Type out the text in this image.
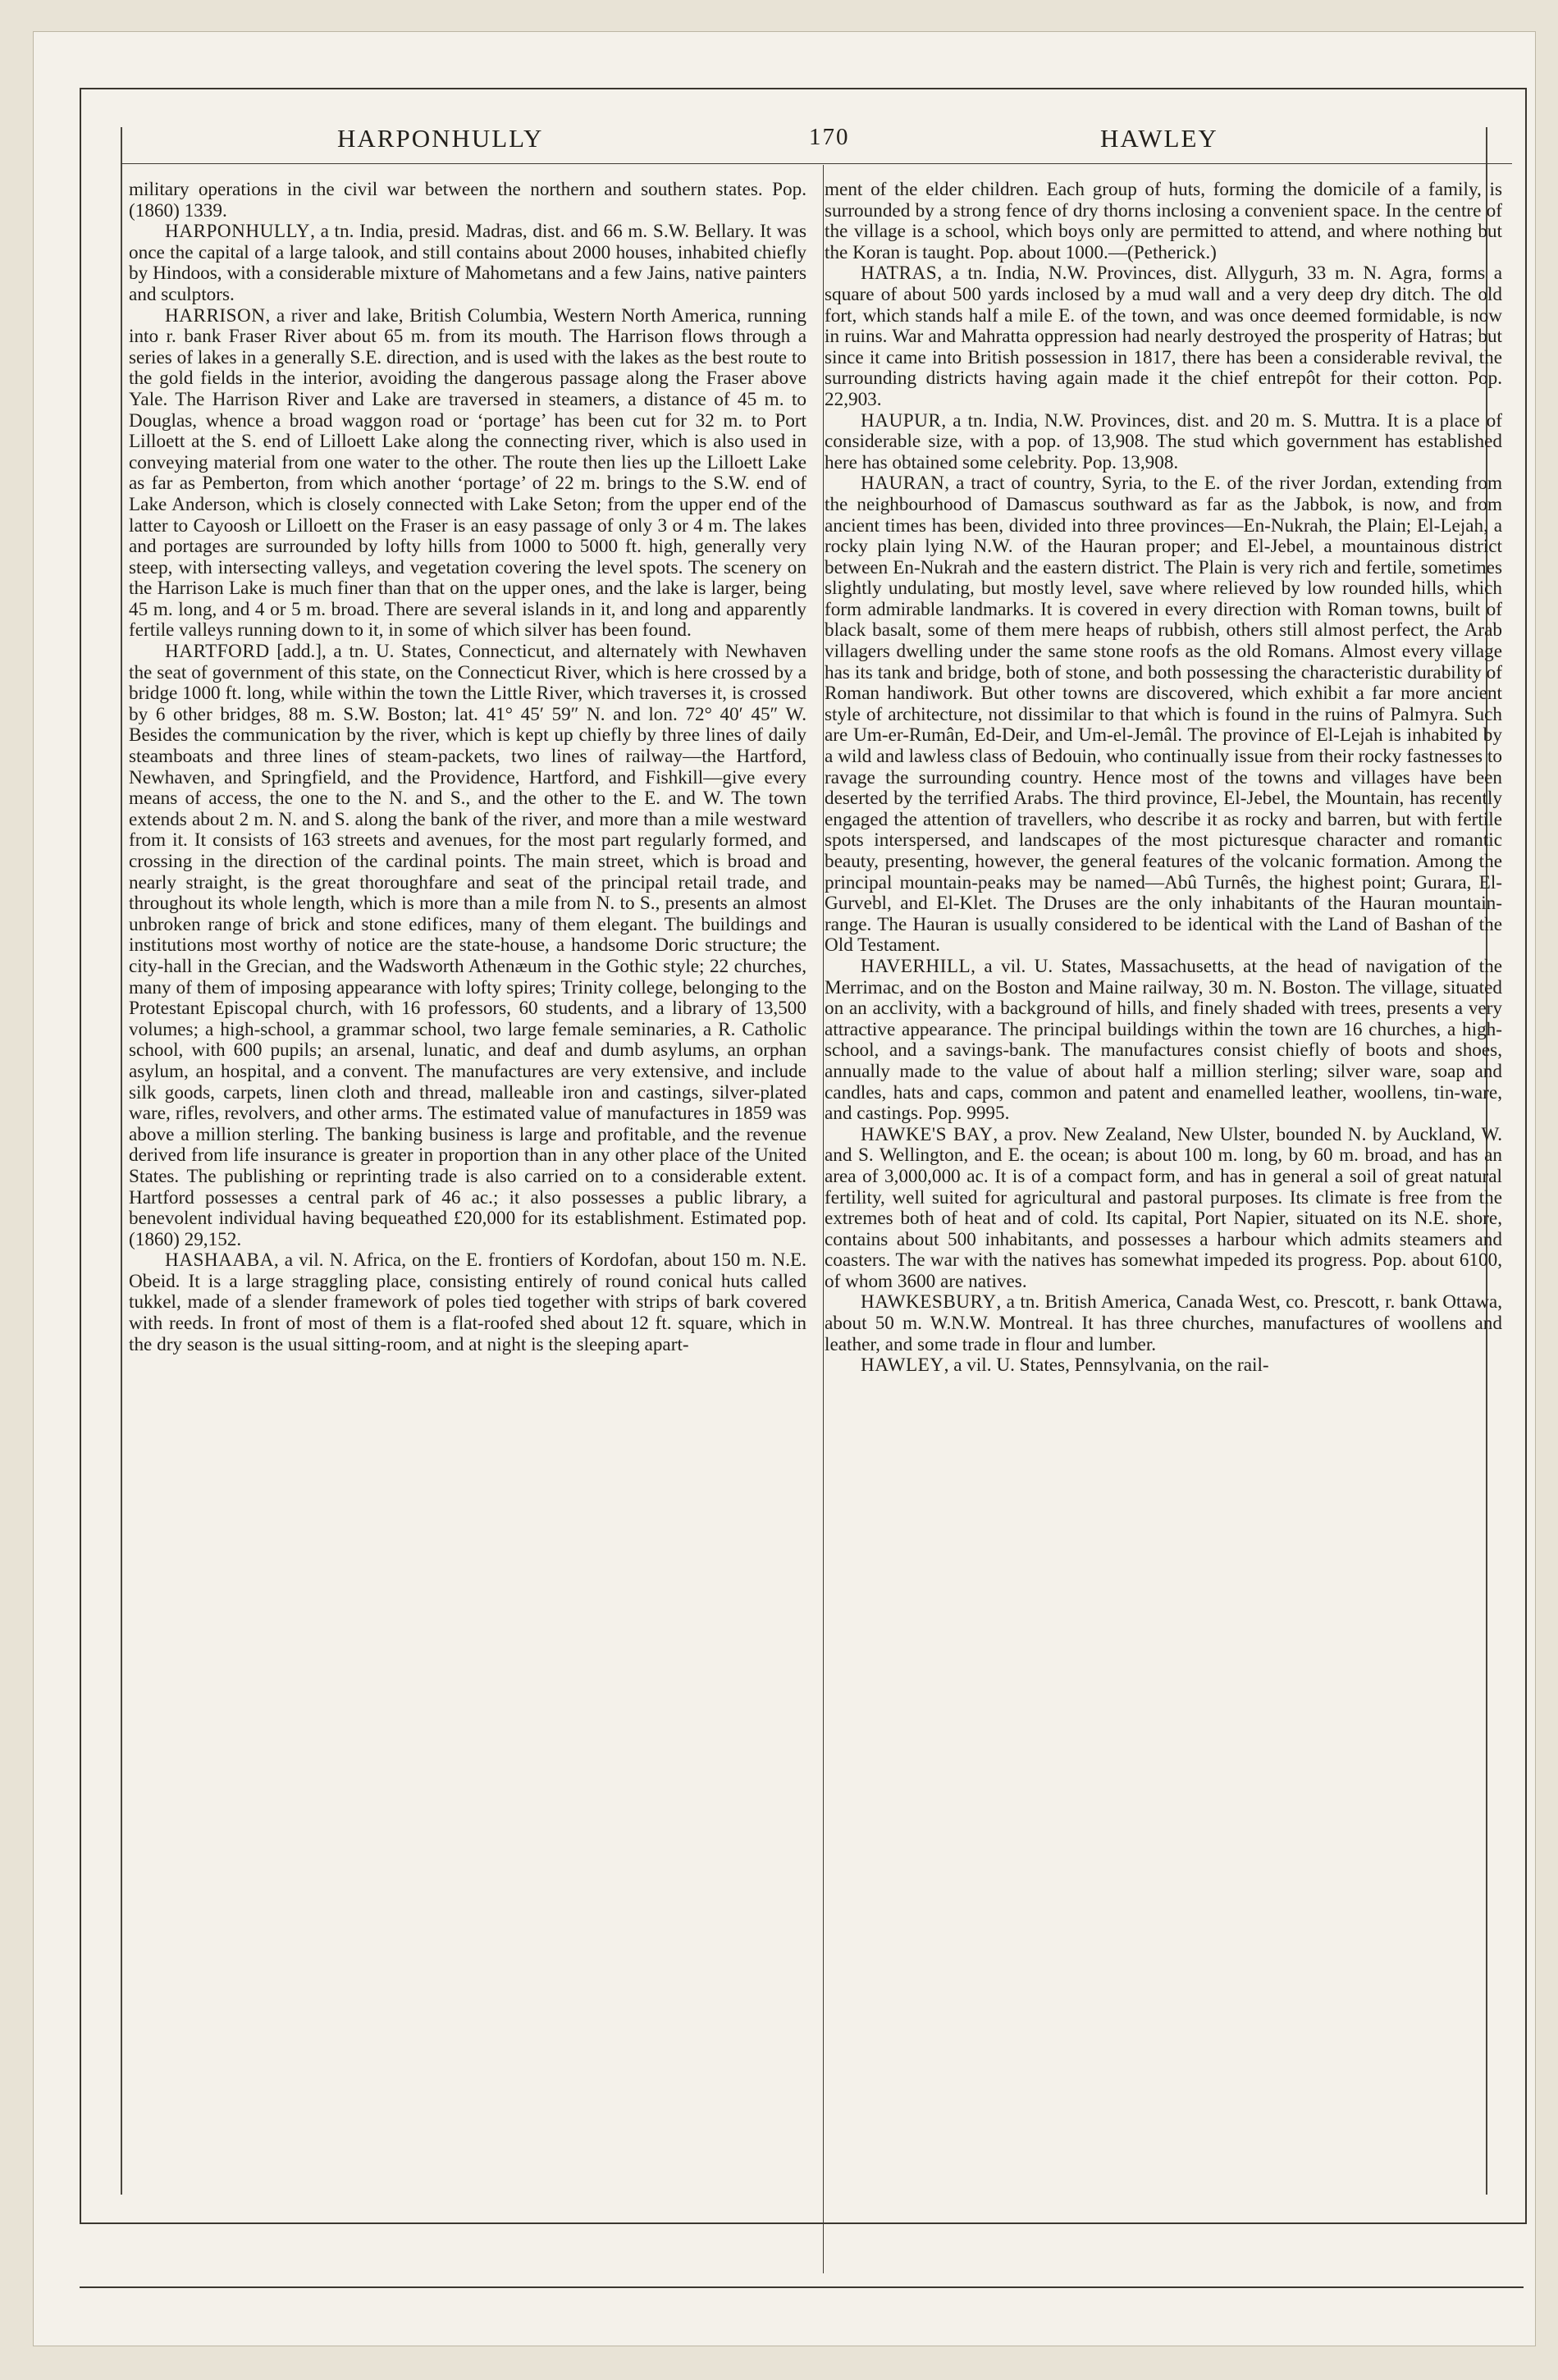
HARPONHULLY	170	HAWLEY

military operations in the civil war between the northern and southern states. Pop. (1860) 1339.

HARPONHULLY, a tn. India, presid. Madras, dist. and 66 m. S.W. Bellary. It was once the capital of a large talook, and still contains about 2000 houses, inhabited chiefly by Hindoos, with a considerable mixture of Mahometans and a few Jains, native painters and sculptors.

HARRISON, a river and lake, British Columbia, Western North America, running into r. bank Fraser River about 65 m. from its mouth. The Harrison flows through a series of lakes in a generally S.E. direction, and is used with the lakes as the best route to the gold fields in the interior, avoiding the dangerous passage along the Fraser above Yale. The Harrison River and Lake are traversed in steamers, a distance of 45 m. to Douglas, whence a broad waggon road or ‘portage’ has been cut for 32 m. to Port Lilloett at the S. end of Lilloett Lake along the connecting river, which is also used in conveying material from one water to the other. The route then lies up the Lilloett Lake as far as Pemberton, from which another ‘portage’ of 22 m. brings to the S.W. end of Lake Anderson, which is closely connected with Lake Seton; from the upper end of the latter to Cayoosh or Lilloett on the Fraser is an easy passage of only 3 or 4 m. The lakes and portages are surrounded by lofty hills from 1000 to 5000 ft. high, generally very steep, with intersecting valleys, and vegetation covering the level spots. The scenery on the Harrison Lake is much finer than that on the upper ones, and the lake is larger, being 45 m. long, and 4 or 5 m. broad. There are several islands in it, and long and apparently fertile valleys running down to it, in some of which silver has been found.

HARTFORD [add.], a tn. U. States, Connecticut, and alternately with Newhaven the seat of government of this state, on the Connecticut River, which is here crossed by a bridge 1000 ft. long, while within the town the Little River, which traverses it, is crossed by 6 other bridges, 88 m. S.W. Boston; lat. 41° 45′ 59″ N. and lon. 72° 40′ 45″ W. Besides the communication by the river, which is kept up chiefly by three lines of daily steamboats and three lines of steam-packets, two lines of railway—the Hartford, Newhaven, and Springfield, and the Providence, Hartford, and Fishkill—give every means of access, the one to the N. and S., and the other to the E. and W. The town extends about 2 m. N. and S. along the bank of the river, and more than a mile westward from it. It consists of 163 streets and avenues, for the most part regularly formed, and crossing in the direction of the cardinal points. The main street, which is broad and nearly straight, is the great thoroughfare and seat of the principal retail trade, and throughout its whole length, which is more than a mile from N. to S., presents an almost unbroken range of brick and stone edifices, many of them elegant. The buildings and institutions most worthy of notice are the state-house, a handsome Doric structure; the city-hall in the Grecian, and the Wadsworth Athenæum in the Gothic style; 22 churches, many of them of imposing appearance with lofty spires; Trinity college, belonging to the Protestant Episcopal church, with 16 professors, 60 students, and a library of 13,500 volumes; a high-school, a grammar school, two large female seminaries, a R. Catholic school, with 600 pupils; an arsenal, lunatic, and deaf and dumb asylums, an orphan asylum, an hospital, and a convent. The manufactures are very extensive, and include silk goods, carpets, linen cloth and thread, malleable iron and castings, silver-plated ware, rifles, revolvers, and other arms. The estimated value of manufactures in 1859 was above a million sterling. The banking business is large and profitable, and the revenue derived from life insurance is greater in proportion than in any other place of the United States. The publishing or reprinting trade is also carried on to a considerable extent. Hartford possesses a central park of 46 ac.; it also possesses a public library, a benevolent individual having bequeathed £20,000 for its establishment. Estimated pop. (1860) 29,152.

HASHAABA, a vil. N. Africa, on the E. frontiers of Kordofan, about 150 m. N.E. Obeid. It is a large straggling place, consisting entirely of round conical huts called tukkel, made of a slender framework of poles tied together with strips of bark covered with reeds. In front of most of them is a flat-roofed shed about 12 ft. square, which in the dry season is the usual sitting-room, and at night is the sleeping apart-

ment of the elder children. Each group of huts, forming the domicile of a family, is surrounded by a strong fence of dry thorns inclosing a convenient space. In the centre of the village is a school, which boys only are permitted to attend, and where nothing but the Koran is taught. Pop. about 1000.—(Petherick.)

HATRAS, a tn. India, N.W. Provinces, dist. Allygurh, 33 m. N. Agra, forms a square of about 500 yards inclosed by a mud wall and a very deep dry ditch. The old fort, which stands half a mile E. of the town, and was once deemed formidable, is now in ruins. War and Mahratta oppression had nearly destroyed the prosperity of Hatras; but since it came into British possession in 1817, there has been a considerable revival, the surrounding districts having again made it the chief entrepôt for their cotton. Pop. 22,903.

HAUPUR, a tn. India, N.W. Provinces, dist. and 20 m. S. Muttra. It is a place of considerable size, with a pop. of 13,908. The stud which government has established here has obtained some celebrity. Pop. 13,908.

HAURAN, a tract of country, Syria, to the E. of the river Jordan, extending from the neighbourhood of Damascus southward as far as the Jabbok, is now, and from ancient times has been, divided into three provinces—En-Nukrah, the Plain; El-Lejah, a rocky plain lying N.W. of the Hauran proper; and El-Jebel, a mountainous district between En-Nukrah and the eastern district. The Plain is very rich and fertile, sometimes slightly undulating, but mostly level, save where relieved by low rounded hills, which form admirable landmarks. It is covered in every direction with Roman towns, built of black basalt, some of them mere heaps of rubbish, others still almost perfect, the Arab villagers dwelling under the same stone roofs as the old Romans. Almost every village has its tank and bridge, both of stone, and both possessing the characteristic durability of Roman handiwork. But other towns are discovered, which exhibit a far more ancient style of architecture, not dissimilar to that which is found in the ruins of Palmyra. Such are Um-er-Rumân, Ed-Deir, and Um-el-Jemâl. The province of El-Lejah is inhabited by a wild and lawless class of Bedouin, who continually issue from their rocky fastnesses to ravage the surrounding country. Hence most of the towns and villages have been deserted by the terrified Arabs. The third province, El-Jebel, the Mountain, has recently engaged the attention of travellers, who describe it as rocky and barren, but with fertile spots interspersed, and landscapes of the most picturesque character and romantic beauty, presenting, however, the general features of the volcanic formation. Among the principal mountain-peaks may be named—Abû Turnês, the highest point; Gurara, El-Gurvebl, and El-Klet. The Druses are the only inhabitants of the Hauran mountain-range. The Hauran is usually considered to be identical with the Land of Bashan of the Old Testament.

HAVERHILL, a vil. U. States, Massachusetts, at the head of navigation of the Merrimac, and on the Boston and Maine railway, 30 m. N. Boston. The village, situated on an acclivity, with a background of hills, and finely shaded with trees, presents a very attractive appearance. The principal buildings within the town are 16 churches, a high-school, and a savings-bank. The manufactures consist chiefly of boots and shoes, annually made to the value of about half a million sterling; silver ware, soap and candles, hats and caps, common and patent and enamelled leather, woollens, tin-ware, and castings. Pop. 9995.

HAWKE'S BAY, a prov. New Zealand, New Ulster, bounded N. by Auckland, W. and S. Wellington, and E. the ocean; is about 100 m. long, by 60 m. broad, and has an area of 3,000,000 ac. It is of a compact form, and has in general a soil of great natural fertility, well suited for agricultural and pastoral purposes. Its climate is free from the extremes both of heat and of cold. Its capital, Port Napier, situated on its N.E. shore, contains about 500 inhabitants, and possesses a harbour which admits steamers and coasters. The war with the natives has somewhat impeded its progress. Pop. about 6100, of whom 3600 are natives.

HAWKESBURY, a tn. British America, Canada West, co. Prescott, r. bank Ottawa, about 50 m. W.N.W. Montreal. It has three churches, manufactures of woollens and leather, and some trade in flour and lumber.

HAWLEY, a vil. U. States, Pennsylvania, on the rail-
